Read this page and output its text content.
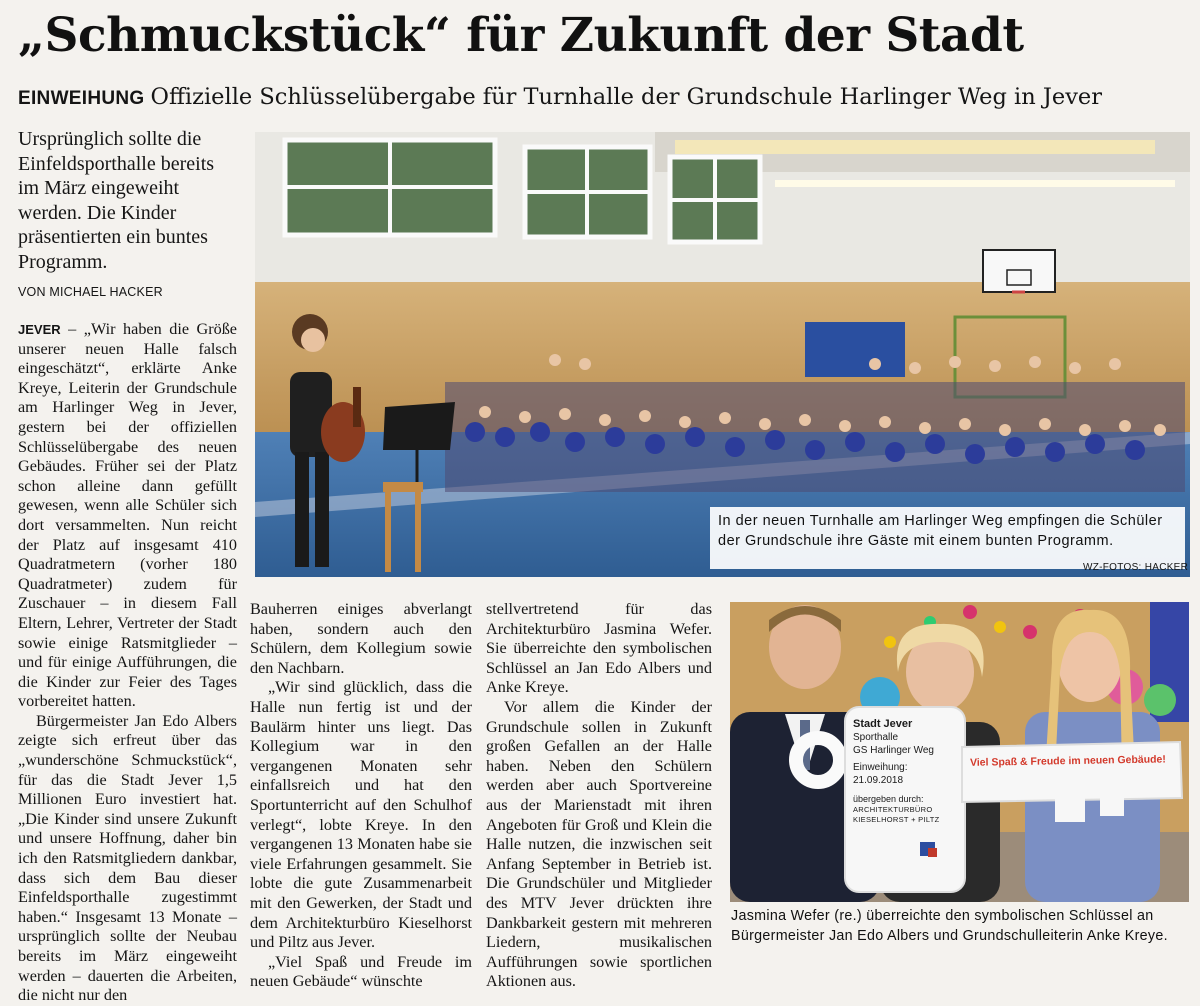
„Schmuckstück“ für Zukunft der Stadt
EINWEIHUNG Offizielle Schlüsselübergabe für Turnhalle der Grundschule Harlinger Weg in Jever
Ursprünglich sollte die Einfeldsporthalle bereits im März eingeweiht werden. Die Kinder präsentierten ein buntes Programm.
VON MICHAEL HACKER

JEVER – „Wir haben die Größe unserer neuen Halle falsch eingeschätzt“, erklärte Anke Kreye, Leiterin der Grundschule am Harlinger Weg in Jever, gestern bei der offiziellen Schlüsselübergabe des neuen Gebäudes. Früher sei der Platz schon alleine dann gefüllt gewesen, wenn alle Schüler sich dort versammelten. Nun reicht der Platz auf insgesamt 410 Quadratmetern (vorher 180 Quadratmeter) zudem für Zuschauer – in diesem Fall Eltern, Lehrer, Vertreter der Stadt sowie einige Ratsmitglieder – und für einige Aufführungen, die die Kinder zur Feier des Tages vorbereitet hatten.

Bürgermeister Jan Edo Albers zeigte sich erfreut über das „wunderschöne Schmuckstück“, für das die Stadt Jever 1,5 Millionen Euro investiert hat. „Die Kinder sind unsere Zukunft und unsere Hoffnung, daher bin ich den Ratsmitgliedern dankbar, dass sich dem Bau dieser Einfeldsporthalle zugestimmt haben.“ Insgesamt 13 Monate – ursprünglich sollte der Neubau bereits im März eingeweiht werden – dauerten die Arbeiten, die nicht nur den

Bauherren einiges abverlangt haben, sondern auch den Schülern, dem Kollegium sowie den Nachbarn.

„Wir sind glücklich, dass die Halle nun fertig ist und der Baulärm hinter uns liegt. Das Kollegium war in den vergangenen Monaten sehr einfallsreich und hat den Sportunterricht auf den Schulhof verlegt“, lobte Kreye. In den vergangenen 13 Monaten habe sie viele Erfahrungen gesammelt. Sie lobte die gute Zusammenarbeit mit den Gewerken, der Stadt und dem Architekturbüro Kieselhorst und Piltz aus Jever.

„Viel Spaß und Freude im neuen Gebäude“ wünschte

stellvertretend für das Architekturbüro Jasmina Wefer. Sie überreichte den symbolischen Schlüssel an Jan Edo Albers und Anke Kreye.

Vor allem die Kinder der Grundschule sollen in Zukunft großen Gefallen an der Halle haben. Neben den Schülern werden aber auch Sportvereine aus der Marienstadt mit ihren Angeboten für Groß und Klein die Halle nutzen, die inzwischen seit Anfang September in Betrieb ist. Die Grundschüler und Mitglieder des MTV Jever drückten ihre Dankbarkeit gestern mit mehreren Liedern, musikalischen Aufführungen sowie sportlichen Aktionen aus.

In der neuen Turnhalle am Harlinger Weg empfingen die Schüler der Grundschule ihre Gäste mit einem bunten Programm.
WZ-FOTOS: HACKER
Stadt Jever
Sporthalle
GS Harlinger Weg
Einweihung:
21.09.2018
übergeben durch:
ARCHITEKTURBÜRO
KIESELHORST + PILTZ
Viel Spaß & Freude im neuen Gebäude!
Jasmina Wefer (re.) überreichte den symbolischen Schlüssel an Bürgermeister Jan Edo Albers und Grundschulleiterin Anke Kreye.
